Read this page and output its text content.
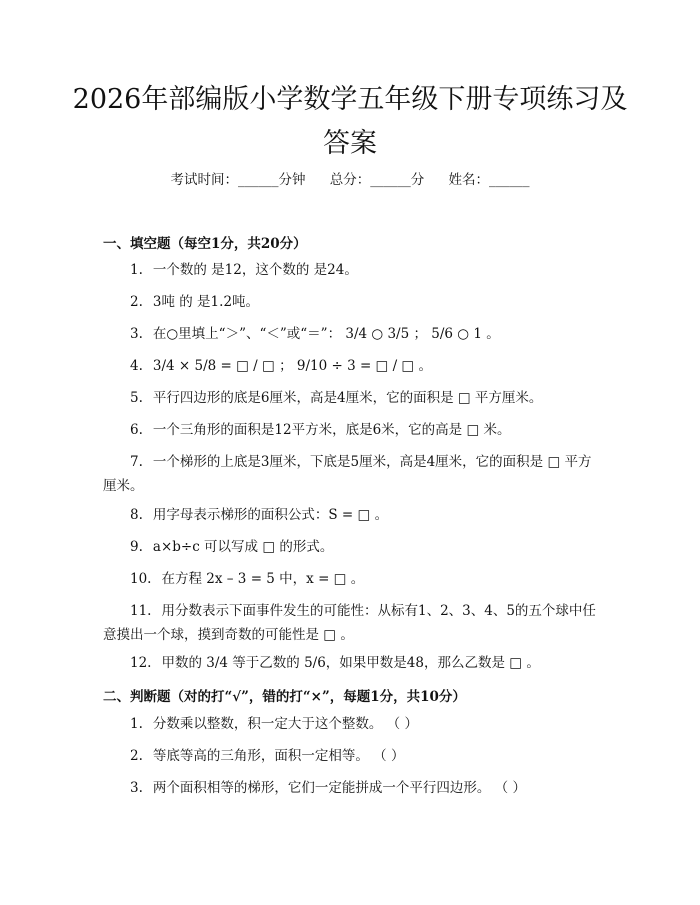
2026年部编版小学数学五年级下册专项练习及答案
考试时间：______分钟 总分：______分 姓名：______
一、填空题（每空1分，共20分）
1. 一个数的 是12，这个数的 是24。
2. 3吨 的 是1.2吨。
3. 在○里填上“＞”、“＜”或“＝”： 3/4 ○ 3/5 ； 5/6 ○ 1 。
4. 3/4 × 5/8 = □ / □ ； 9/10 ÷ 3 = □ / □ 。
5. 平行四边形的底是6厘米，高是4厘米，它的面积是 □ 平方厘米。
6. 一个三角形的面积是12平方米，底是6米，它的高是 □ 米。
7. 一个梯形的上底是3厘米，下底是5厘米，高是4厘米，它的面积是 □ 平方厘米。
8. 用字母表示梯形的面积公式：S = □ 。
9. a×b÷c 可以写成 □ 的形式。
10. 在方程 2x – 3 = 5 中，x = □ 。
11. 用分数表示下面事件发生的可能性：从标有1、2、3、4、5的五个球中任意摸出一个球，摸到奇数的可能性是 □ 。
12. 甲数的 3/4 等于乙数的 5/6，如果甲数是48，那么乙数是 □ 。
二、判断题（对的打“√”，错的打“×”，每题1分，共10分）
1. 分数乘以整数，积一定大于这个整数。 （ ）
2. 等底等高的三角形，面积一定相等。 （ ）
3. 两个面积相等的梯形，它们一定能拼成一个平行四边形。 （ ）
